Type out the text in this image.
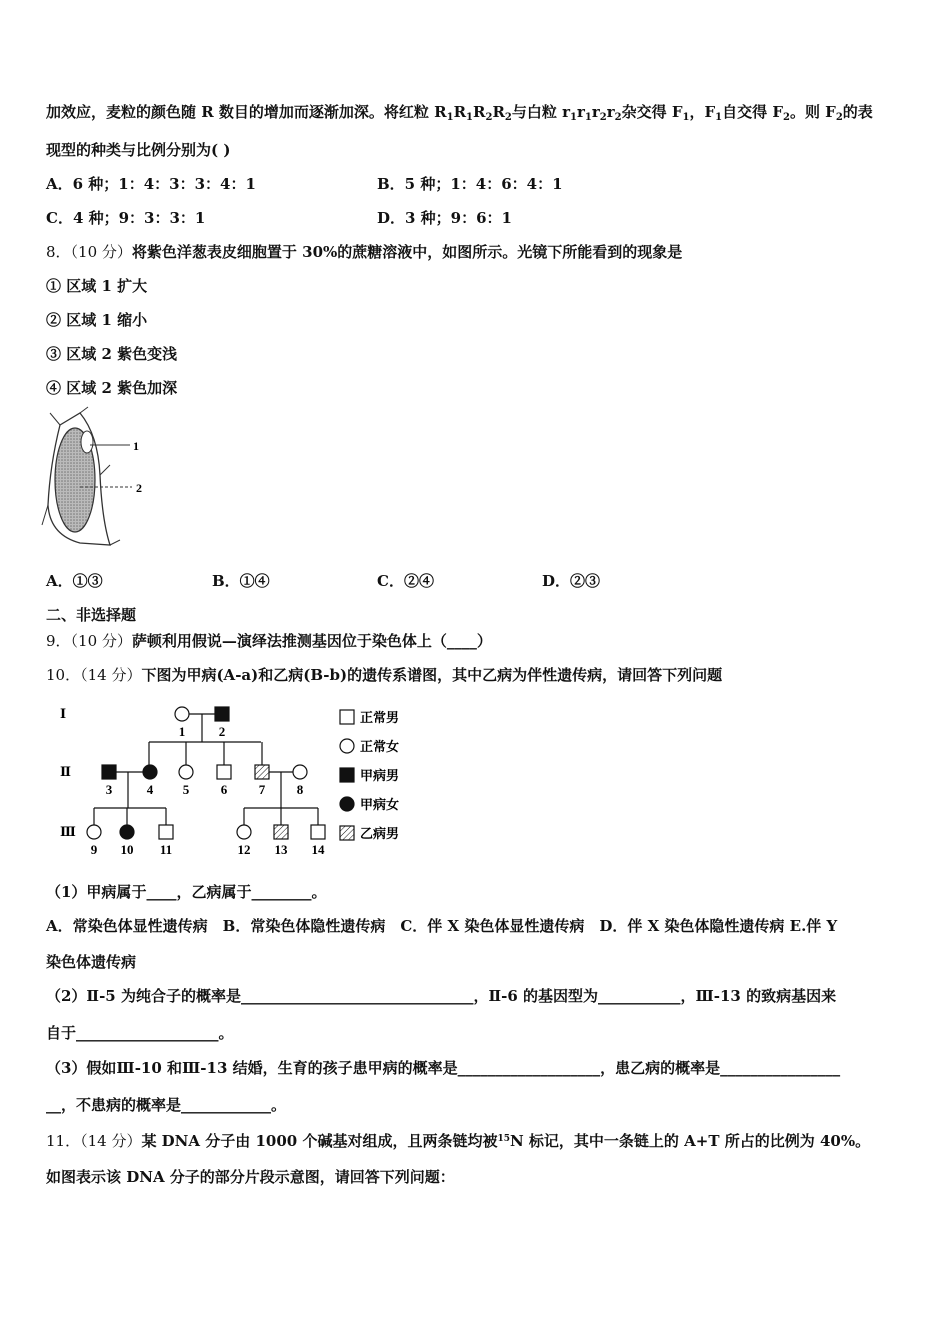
加效应，麦粒的颜色随 R 数目的增加而逐渐加深。将红粒 $R_1R_1R_2R_2$与白粒 $r_1r_1r_2r_2$杂交得 $F_1$，$F_1$自交得 $F_2$。则 $F_2$的表
现型的种类与比例分别为( )
A．6 种；1：4：3：3：4：1	B．5 种；1：4：6：4：1
C．4 种；9：3：3：1	D．3 种；9：6：1
8．（10 分）将紫色洋葱表皮细胞置于 30%的蔗糖溶液中，如图所示。光镜下所能看到的现象是
① 区域 1 扩大
② 区域 1 缩小
③ 区域 2 紫色变浅
④ 区域 2 紫色加深
1
2
A．①③	B．①④	C．②④	D．②③
二、非选择题
9．（10 分）萨顿利用假说—演绎法推测基因位于染色体上（____）
10．（14 分）下图为甲病(A-a)和乙病(B-b)的遗传系谱图，其中乙病为伴性遗传病，请回答下列问题
1	2
3	4 5 6 7 8
9 10 11	12 13 14
Ⅰ
Ⅱ
Ⅲ
正常男
正常女
甲病男
甲病女
乙病男
（1）甲病属于____，乙病属于________。
A．常染色体显性遗传病　B．常染色体隐性遗传病　C．伴 X 染色体显性遗传病　D．伴 X 染色体隐性遗传病 E.伴 Y
染色体遗传病
（2）Ⅱ-5 为纯合子的概率是_______________________________，Ⅱ-6 的基因型为___________，Ⅲ-13 的致病基因来
自于___________________。
（3）假如Ⅲ-10 和Ⅲ-13 结婚，生育的孩子患甲病的概率是___________________，患乙病的概率是________________
__，不患病的概率是____________。
11．（14 分）某 DNA 分子由 1000 个碱基对组成，且两条链均被$^{15}$N 标记，其中一条链上的 A+T 所占的比例为 40%。
如图表示该 DNA 分子的部分片段示意图，请回答下列问题：
